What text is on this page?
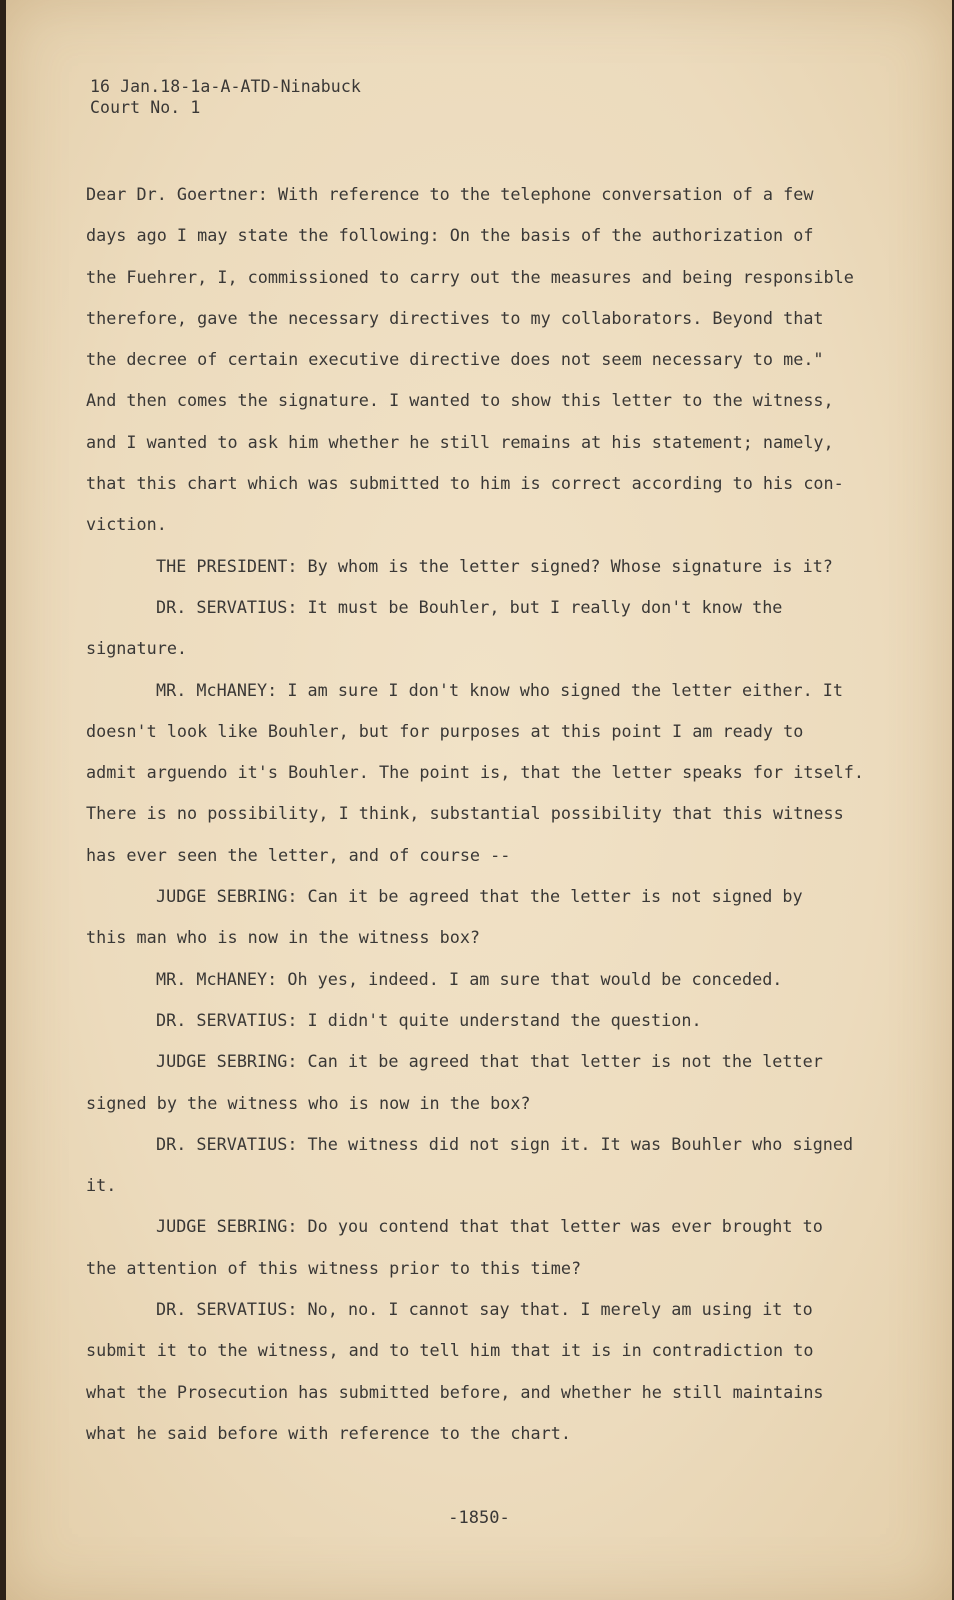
16 Jan.18-1a-A-ATD-Ninabuck
Court No. 1
Dear Dr. Goertner: With reference to the telephone conversation of a few
days ago I may state the following: On the basis of the authorization of
the Fuehrer, I, commissioned to carry out the measures and being responsible
therefore, gave the necessary directives to my collaborators. Beyond that
the decree of certain executive directive does not seem necessary to me."
And then comes the signature. I wanted to show this letter to the witness,
and I wanted to ask him whether he still remains at his statement; namely,
that this chart which was submitted to him is correct according to his con-
viction.
THE PRESIDENT: By whom is the letter signed? Whose signature is it?
DR. SERVATIUS: It must be Bouhler, but I really don't know the
signature.
MR. McHANEY: I am sure I don't know who signed the letter either. It
doesn't look like Bouhler, but for purposes at this point I am ready to
admit arguendo it's Bouhler. The point is, that the letter speaks for itself.
There is no possibility, I think, substantial possibility that this witness
has ever seen the letter, and of course --
JUDGE SEBRING: Can it be agreed that the letter is not signed by
this man who is now in the witness box?
MR. McHANEY: Oh yes, indeed. I am sure that would be conceded.
DR. SERVATIUS: I didn't quite understand the question.
JUDGE SEBRING: Can it be agreed that that letter is not the letter
signed by the witness who is now in the box?
DR. SERVATIUS: The witness did not sign it. It was Bouhler who signed
it.
JUDGE SEBRING: Do you contend that that letter was ever brought to
the attention of this witness prior to this time?
DR. SERVATIUS: No, no. I cannot say that. I merely am using it to
submit it to the witness, and to tell him that it is in contradiction to
what the Prosecution has submitted before, and whether he still maintains
what he said before with reference to the chart.
-1850-
